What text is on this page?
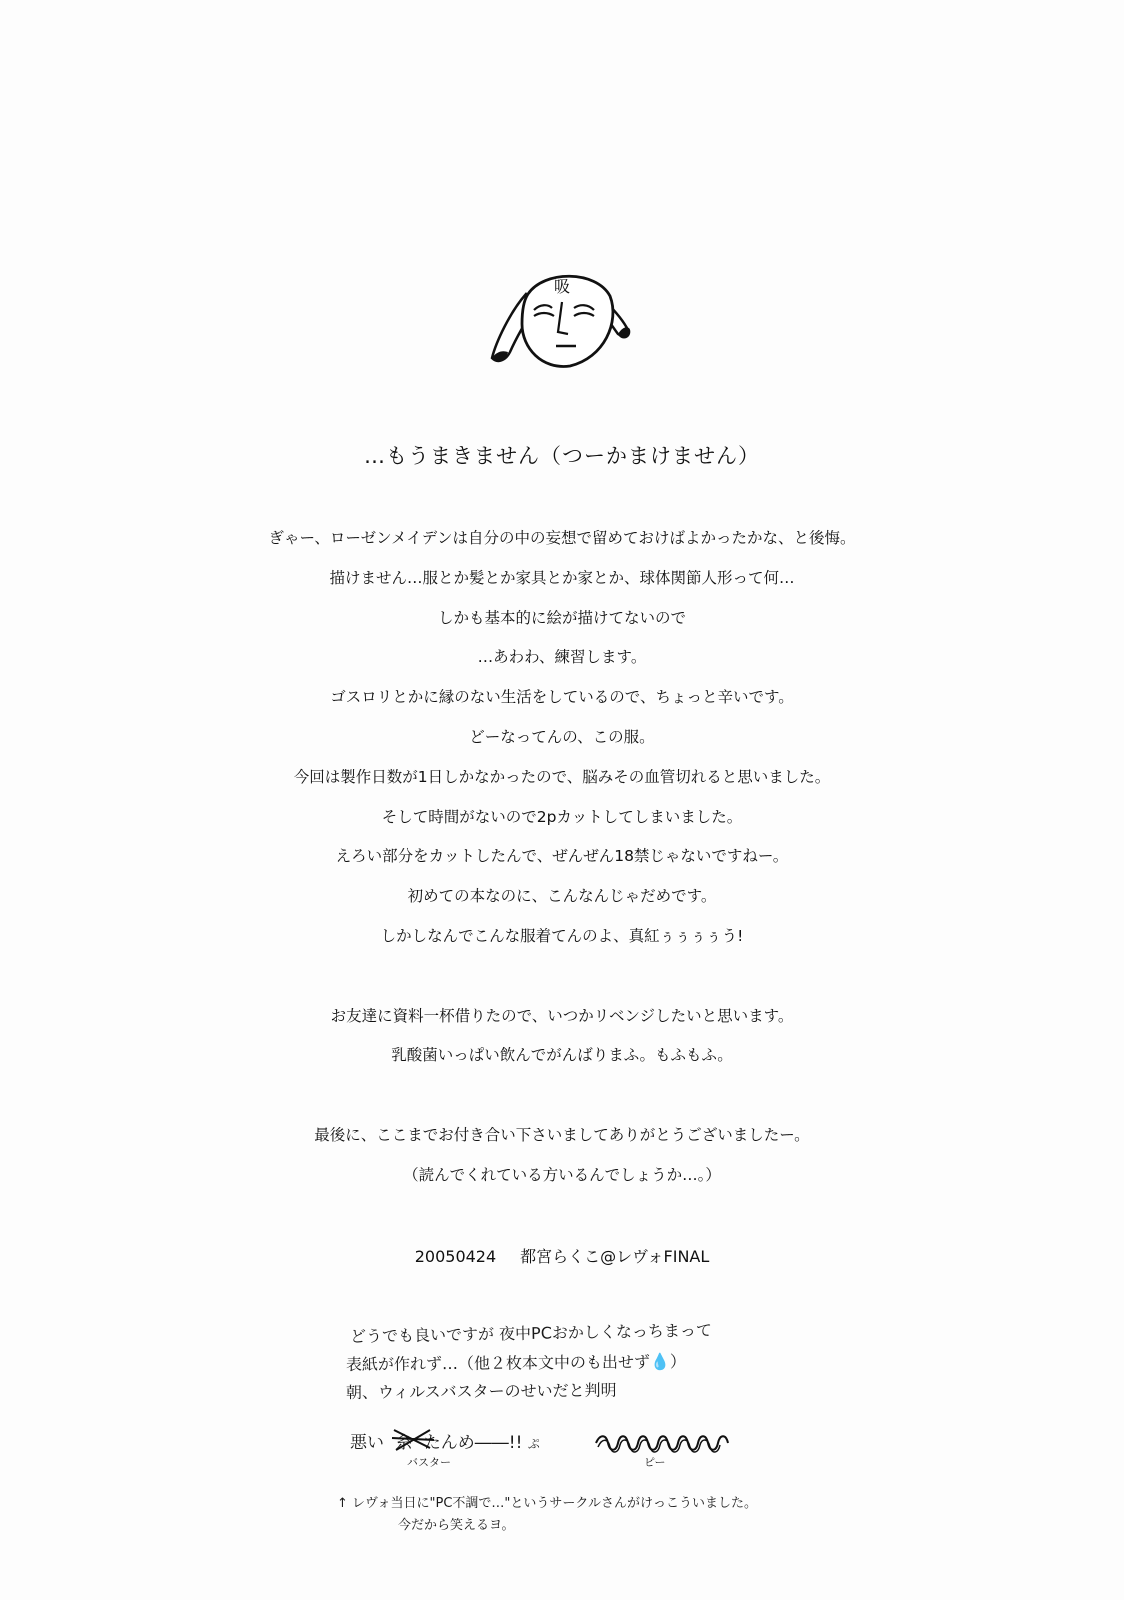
吸
…もうまきません（つーかまけません）
ぎゃー、ローゼンメイデンは自分の中の妄想で留めておけばよかったかな、と後悔。
描けません…服とか髪とか家具とか家とか、球体関節人形って何…
しかも基本的に絵が描けてないので
…あわわ、練習します。
ゴスロリとかに縁のない生活をしているので、ちょっと辛いです。
どーなってんの、この服。
今回は製作日数が1日しかなかったので、脳みその血管切れると思いました。
そして時間がないので2pカットしてしまいました。
えろい部分をカットしたんで、ぜんぜん18禁じゃないですねー。
初めての本なのに、こんなんじゃだめです。
しかしなんでこんな服着てんのよ、真紅ぅぅぅぅう!
お友達に資料一杯借りたので、いつかリベンジしたいと思います。
乳酸菌いっぱい飲んでがんばりまふ。もふもふ。
最後に、ここまでお付き合い下さいましてありがとうございましたー。
（読んでくれている方いるんでしょうか…。）
20050424 都宮らくこ@レヴォFINAL
どうでも良いですが 夜中PCおかしくなっちまって
表紙が作れず…（他２枚本文中のも出せず💧）
朝、ウィルスバスターのせいだと判明
悪い 糸 たんめ――!! ぷ
バスター	ピー
↑ レヴォ当日に"PC不調で…"というサークルさんがけっこういました。
今だから笑えるヨ。
